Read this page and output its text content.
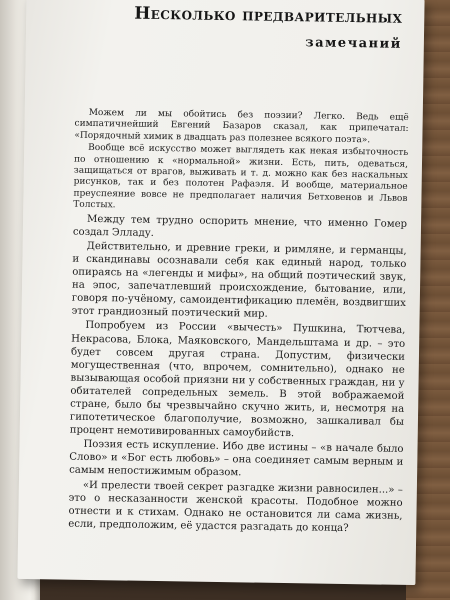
Несколько предварительных
замечаний

Можем ли мы обойтись без поэзии? Легко. Ведь ещё симпатичнейший Евгений Базаров сказал, как припечатал: «Порядочный химик в двадцать раз полезнее всякого поэта».

Вообще всё искусство может выглядеть как некая избыточность по отношению к «нормальной» жизни. Есть, пить, одеваться, защищаться от врагов, выживать и т. д. можно как без наскальных рисунков, так и без полотен Рафаэля. И вообще, материальное преуспеяние вовсе не предполагает наличия Бетховенов и Львов Толстых.

Между тем трудно оспорить мнение, что именно Гомер создал Элладу.

Действительно, и древние греки, и римляне, и германцы, и скандинавы осознавали себя как единый народ, только опираясь на «легенды и мифы», на общий поэтический звук, на эпос, запечатлевший происхождение, бытование, или, говоря по-учёному, самоидентификацию племён, воздвигших этот грандиозный поэтический мир.

Попробуем из России «вычесть» Пушкина, Тютчева, Некрасова, Блока, Маяковского, Мандельштама и др. – это будет совсем другая страна. Допустим, физически могущественная (что, впрочем, сомнительно), однако не вызывающая особой приязни ни у собственных граждан, ни у обитателей сопредельных земель. В этой вображаемой стране, было бы чрезвычайно скучно жить, и, несмотря на гипотетическое благополучие, возможно, зашкаливал бы процент немотивированных самоубийств.

Поэзия есть искупление. Ибо две истины – «в начале было Слово» и «Бог есть любовь» – она соединяет самым верным и самым непостижимым образом.

«И прелести твоей секрет разгадке жизни равносилен...» – это о несказанности женской красоты. Подобное можно отнести и к стихам. Однако не остановится ли сама жизнь, если, предположим, её удастся разгадать до конца?
